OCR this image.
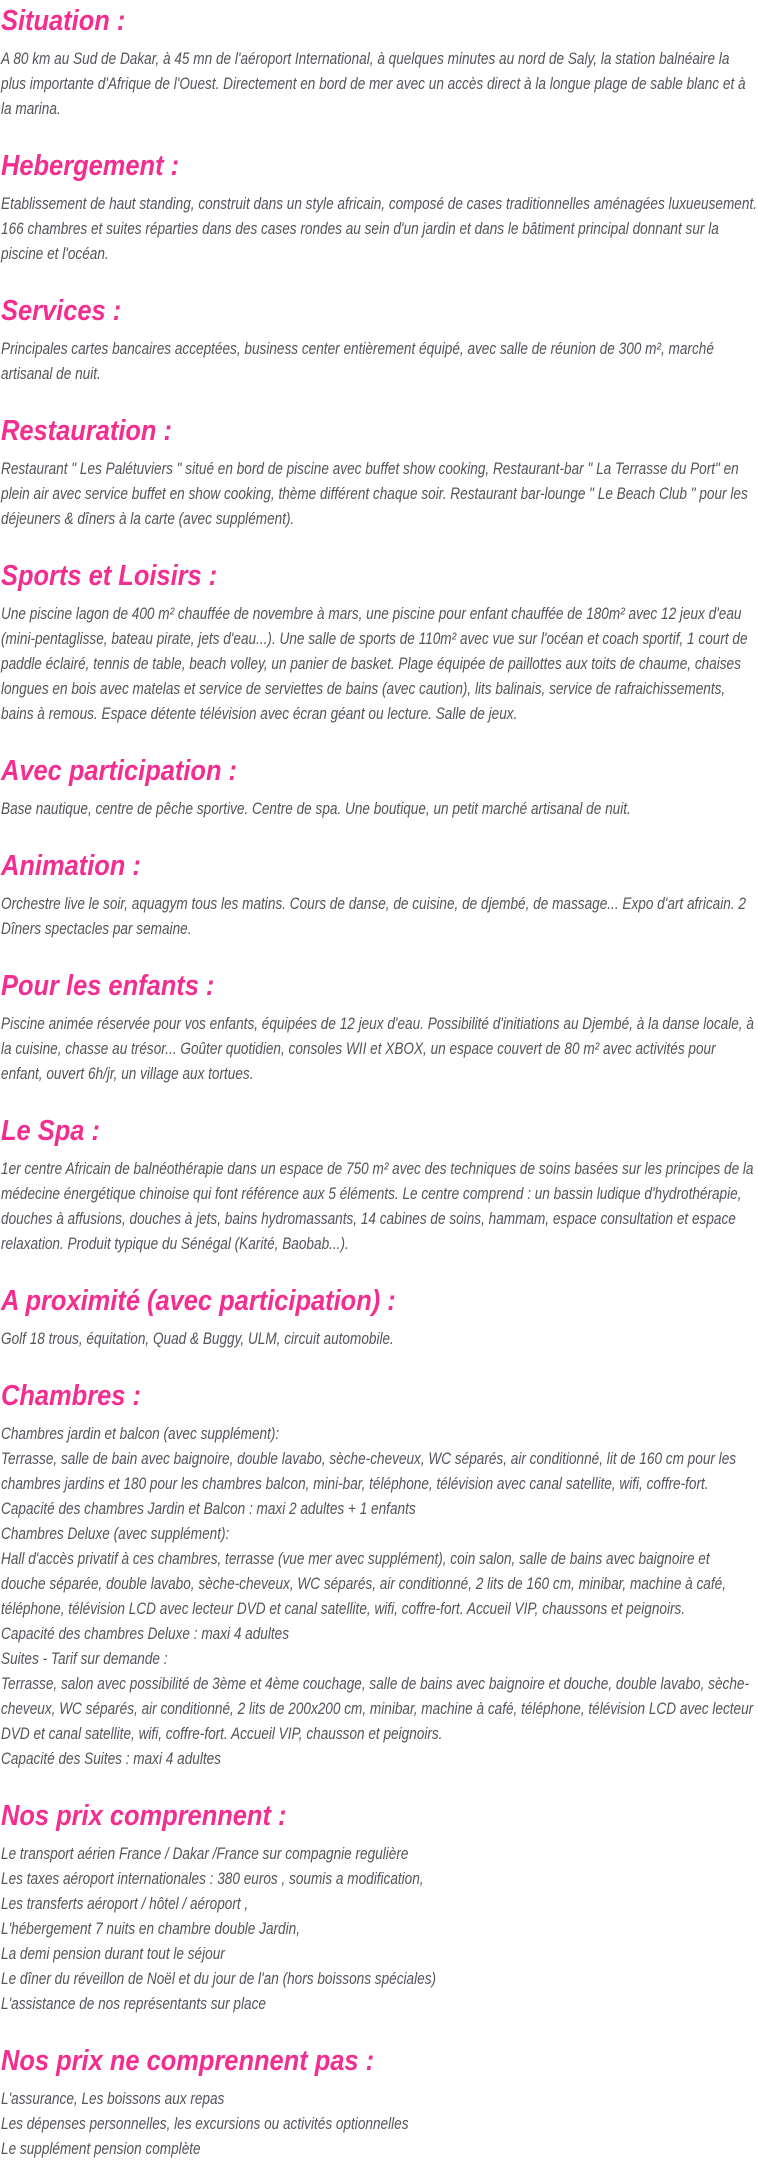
Situation :

A 80 km au Sud de Dakar, à 45 mn de l'aéroport International, à quelques minutes au nord de Saly, la station balnéaire la plus importante d'Afrique de l'Ouest. Directement en bord de mer avec un accès direct à la longue plage de sable blanc et à la marina.

Hebergement :

Etablissement de haut standing, construit dans un style africain, composé de cases traditionnelles aménagées luxueusement. 166 chambres et suites réparties dans des cases rondes au sein d'un jardin et dans le bâtiment principal donnant sur la piscine et l'océan.

Services :

Principales cartes bancaires acceptées, business center entièrement équipé, avec salle de réunion de 300 m², marché artisanal de nuit.

Restauration :

Restaurant " Les Palétuviers " situé en bord de piscine avec buffet show cooking, Restaurant-bar " La Terrasse du Port" en plein air avec service buffet en show cooking, thème différent chaque soir. Restaurant bar-lounge " Le Beach Club " pour les déjeuners & dîners à la carte (avec supplément).

Sports et Loisirs :

Une piscine lagon de 400 m² chauffée de novembre à mars, une piscine pour enfant chauffée de 180m² avec 12 jeux d'eau (mini-pentaglisse, bateau pirate, jets d'eau...). Une salle de sports de 110m² avec vue sur l'océan et coach sportif, 1 court de paddle éclairé, tennis de table, beach volley, un panier de basket. Plage équipée de paillottes aux toits de chaume, chaises longues en bois avec matelas et service de serviettes de bains (avec caution), lits balinais, service de rafraichissements, bains à remous. Espace détente télévision avec écran géant ou lecture. Salle de jeux.

Avec participation :

Base nautique, centre de pêche sportive. Centre de spa. Une boutique, un petit marché artisanal de nuit.

Animation :

Orchestre live le soir, aquagym tous les matins. Cours de danse, de cuisine, de djembé, de massage... Expo d'art africain. 2 Dîners spectacles par semaine.

Pour les enfants :

Piscine animée réservée pour vos enfants, équipées de 12 jeux d'eau. Possibilité d'initiations au Djembé, à la danse locale, à la cuisine, chasse au trésor... Goûter quotidien, consoles WII et XBOX, un espace couvert de 80 m² avec activités pour enfant, ouvert 6h/jr, un village aux tortues.

Le Spa :

1er centre Africain de balnéothérapie dans un espace de 750 m² avec des techniques de soins basées sur les principes de la médecine énergétique chinoise qui font référence aux 5 éléments. Le centre comprend : un bassin ludique d'hydrothérapie, douches à affusions, douches à jets, bains hydromassants, 14 cabines de soins, hammam, espace consultation et espace relaxation. Produit typique du Sénégal (Karité, Baobab...).

A proximité (avec participation) :

Golf 18 trous, équitation, Quad & Buggy, ULM, circuit automobile.

Chambres :

Chambres jardin et balcon (avec supplément):
Terrasse, salle de bain avec baignoire, double lavabo, sèche-cheveux, WC séparés, air conditionné, lit de 160 cm pour les chambres jardins et 180 pour les chambres balcon, mini-bar, téléphone, télévision avec canal satellite, wifi, coffre-fort.
Capacité des chambres Jardin et Balcon : maxi 2 adultes + 1 enfants
Chambres Deluxe (avec supplément):
Hall d'accès privatif à ces chambres, terrasse (vue mer avec supplément), coin salon, salle de bains avec baignoire et douche séparée, double lavabo, sèche-cheveux, WC séparés, air conditionné, 2 lits de 160 cm, minibar, machine à café, téléphone, télévision LCD avec lecteur DVD et canal satellite, wifi, coffre-fort. Accueil VIP, chaussons et peignoirs.
Capacité des chambres Deluxe : maxi 4 adultes
Suites - Tarif sur demande :
Terrasse, salon avec possibilité de 3ème et 4ème couchage, salle de bains avec baignoire et douche, double lavabo, sèche-cheveux, WC séparés, air conditionné, 2 lits de 200x200 cm, minibar, machine à café, téléphone, télévision LCD avec lecteur DVD et canal satellite, wifi, coffre-fort. Accueil VIP, chausson et peignoirs.
Capacité des Suites : maxi 4 adultes

Nos prix comprennent :

Le transport aérien France / Dakar /France sur compagnie regulière
Les taxes aéroport internationales : 380 euros , soumis a modification,
Les transferts aéroport / hôtel / aéroport ,
L'hébergement 7 nuits en chambre double Jardin,
La demi pension durant tout le séjour
Le dîner du réveillon de Noël et du jour de l'an (hors boissons spéciales)
L'assistance de nos représentants sur place

Nos prix ne comprennent pas :

L'assurance, Les boissons aux repas
Les dépenses personnelles, les excursions ou activités optionnelles
Le supplément pension complète
